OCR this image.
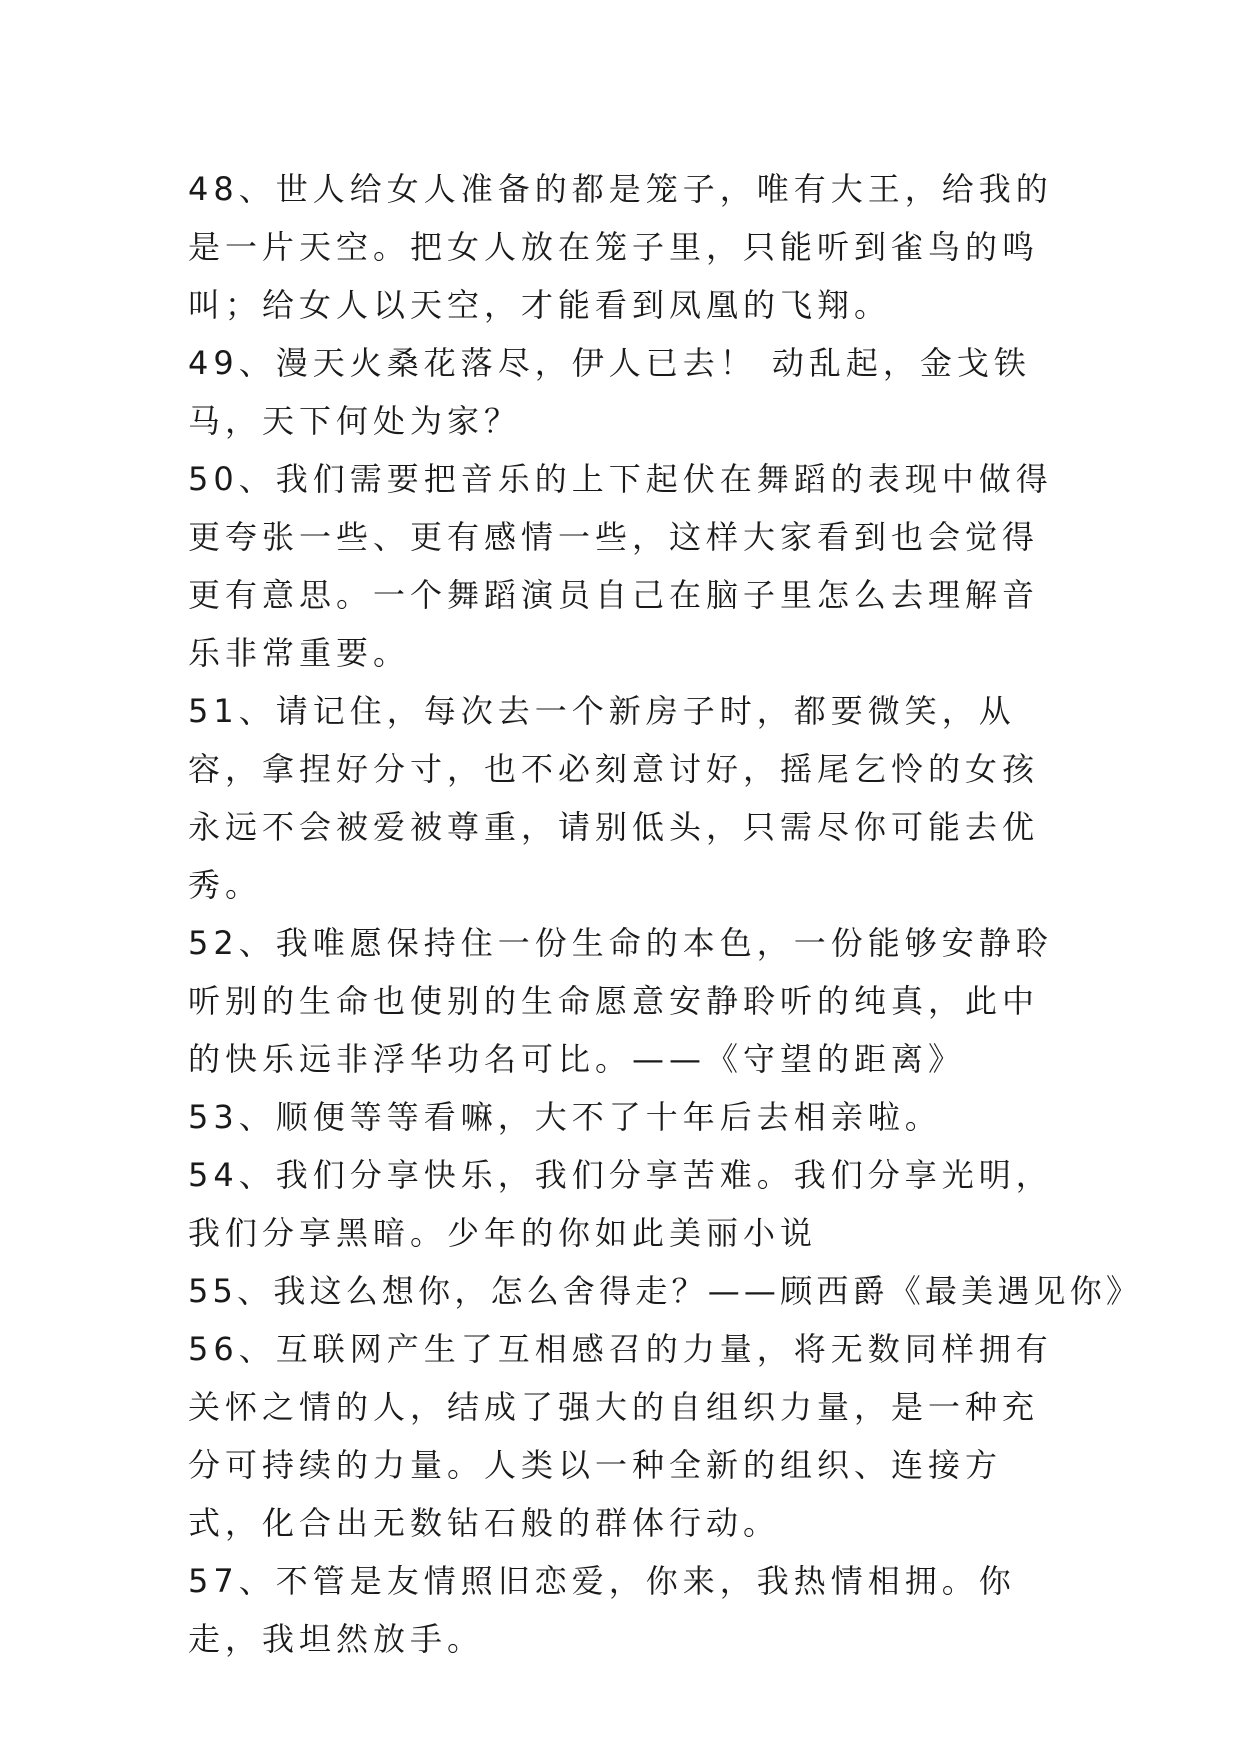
48、世人给女人准备的都是笼子，唯有大王，给我的是一片天空。把女人放在笼子里，只能听到雀鸟的鸣叫；给女人以天空，才能看到凤凰的飞翔。

49、漫天火桑花落尽，伊人已去！ 动乱起，金戈铁马，天下何处为家？

50、我们需要把音乐的上下起伏在舞蹈的表现中做得更夸张一些、更有感情一些，这样大家看到也会觉得更有意思。一个舞蹈演员自己在脑子里怎么去理解音乐非常重要。

51、请记住，每次去一个新房子时，都要微笑，从容，拿捏好分寸，也不必刻意讨好，摇尾乞怜的女孩永远不会被爱被尊重，请别低头，只需尽你可能去优秀。

52、我唯愿保持住一份生命的本色，一份能够安静聆听别的生命也使别的生命愿意安静聆听的纯真，此中的快乐远非浮华功名可比。——《守望的距离》

53、顺便等等看嘛，大不了十年后去相亲啦。

54、我们分享快乐，我们分享苦难。我们分享光明，我们分享黑暗。少年的你如此美丽小说

55、我这么想你，怎么舍得走？——顾西爵《最美遇见你》

56、互联网产生了互相感召的力量，将无数同样拥有关怀之情的人，结成了强大的自组织力量，是一种充分可持续的力量。人类以一种全新的组织、连接方式，化合出无数钻石般的群体行动。

57、不管是友情照旧恋爱，你来，我热情相拥。你走，我坦然放手。
